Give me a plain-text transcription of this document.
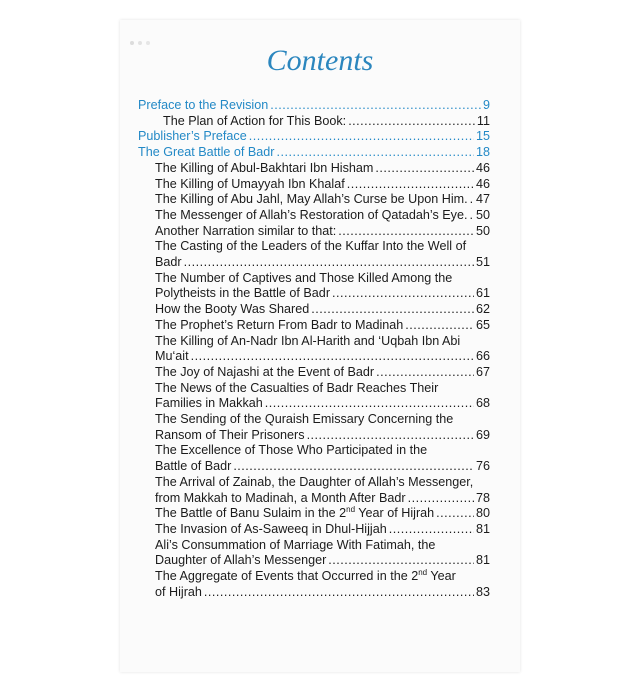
Contents
Preface to the Revision .....	9
The Plan of Action for This Book: .....	11
Publisher’s Preface .....	15
The Great Battle of Badr .....	18
The Killing of Abul-Bakhtari Ibn Hisham .....	46
The Killing of Umayyah Ibn Khalaf .....	46
The Killing of Abu Jahl, May Allah’s Curse be Upon Him. ..... 47
The Messenger of Allah’s Restoration of Qatadah’s Eye. ..... 50
Another Narration similar to that: .....	50
The Casting of the Leaders of the Kuffar Into the Well of
Badr .....	51
The Number of Captives and Those Killed Among the
Polytheists in the Battle of Badr .....	61
How the Booty Was Shared .....	62
The Prophet’s Return From Badr to Madinah .....	65
The Killing of An-Nadr Ibn Al-Harith and ‘Uqbah Ibn Abi
Mu‘ait .....	66
The Joy of Najashi at the Event of Badr .....	67
The News of the Casualties of Badr Reaches Their
Families in Makkah .....	68
The Sending of the Quraish Emissary Concerning the
Ransom of Their Prisoners .....	69
The Excellence of Those Who Participated in the
Battle of Badr .....	76
The Arrival of Zainab, the Daughter of Allah’s Messenger,
from Makkah to Madinah, a Month After Badr .....	78
The Battle of Banu Sulaim in the 2nd Year of Hijrah .....	80
The Invasion of As-Saweeq in Dhul-Hijjah .....	81
Ali’s Consummation of Marriage With Fatimah, the
Daughter of Allah’s Messenger .....	81
The Aggregate of Events that Occurred in the 2nd Year
of Hijrah .....	83
